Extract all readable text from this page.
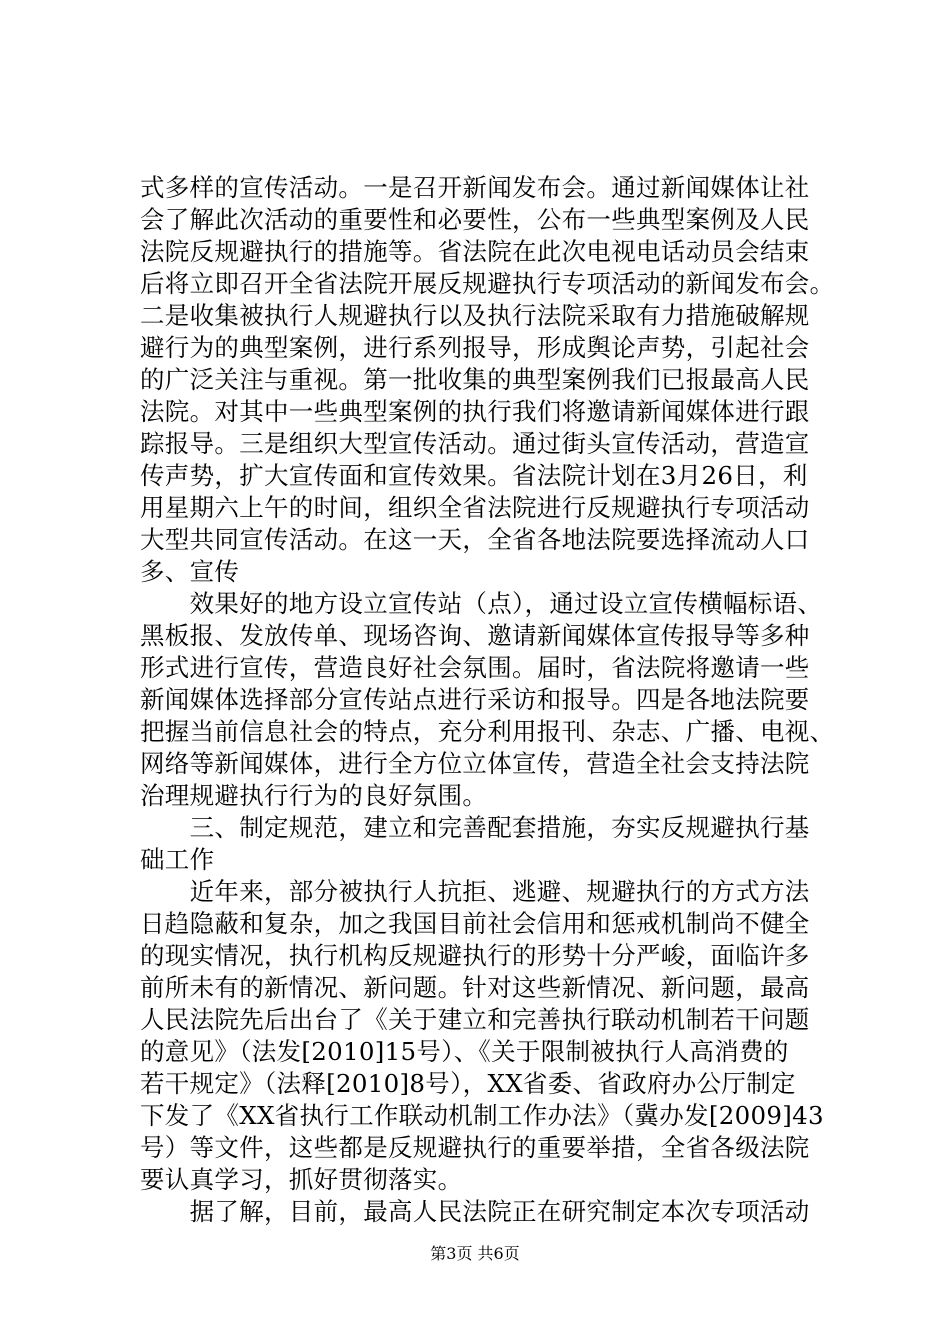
式多样的宣传活动。一是召开新闻发布会。通过新闻媒体让社
会了解此次活动的重要性和必要性，公布一些典型案例及人民
法院反规避执行的措施等。省法院在此次电视电话动员会结束
后将立即召开全省法院开展反规避执行专项活动的新闻发布会。
二是收集被执行人规避执行以及执行法院采取有力措施破解规
避行为的典型案例，进行系列报导，形成舆论声势，引起社会
的广泛关注与重视。第一批收集的典型案例我们已报最高人民
法院。对其中一些典型案例的执行我们将邀请新闻媒体进行跟
踪报导。三是组织大型宣传活动。通过街头宣传活动，营造宣
传声势，扩大宣传面和宣传效果。省法院计划在3月26日，利
用星期六上午的时间，组织全省法院进行反规避执行专项活动
大型共同宣传活动。在这一天，全省各地法院要选择流动人口
多、宣传
　　效果好的地方设立宣传站（点），通过设立宣传横幅标语、
黑板报、发放传单、现场咨询、邀请新闻媒体宣传报导等多种
形式进行宣传，营造良好社会氛围。届时，省法院将邀请一些
新闻媒体选择部分宣传站点进行采访和报导。四是各地法院要
把握当前信息社会的特点，充分利用报刊、杂志、广播、电视、
网络等新闻媒体，进行全方位立体宣传，营造全社会支持法院
治理规避执行行为的良好氛围。
　　三、制定规范，建立和完善配套措施，夯实反规避执行基
础工作
　　近年来，部分被执行人抗拒、逃避、规避执行的方式方法
日趋隐蔽和复杂，加之我国目前社会信用和惩戒机制尚不健全
的现实情况，执行机构反规避执行的形势十分严峻，面临许多
前所未有的新情况、新问题。针对这些新情况、新问题，最高
人民法院先后出台了《关于建立和完善执行联动机制若干问题
的意见》（法发[2010]15号）、《关于限制被执行人高消费的
若干规定》（法释[2010]8号），XX省委、省政府办公厅制定
下发了《XX省执行工作联动机制工作办法》（冀办发[2009]43
号）等文件，这些都是反规避执行的重要举措，全省各级法院
要认真学习，抓好贯彻落实。
　　据了解，目前，最高人民法院正在研究制定本次专项活动
第3页 共6页
